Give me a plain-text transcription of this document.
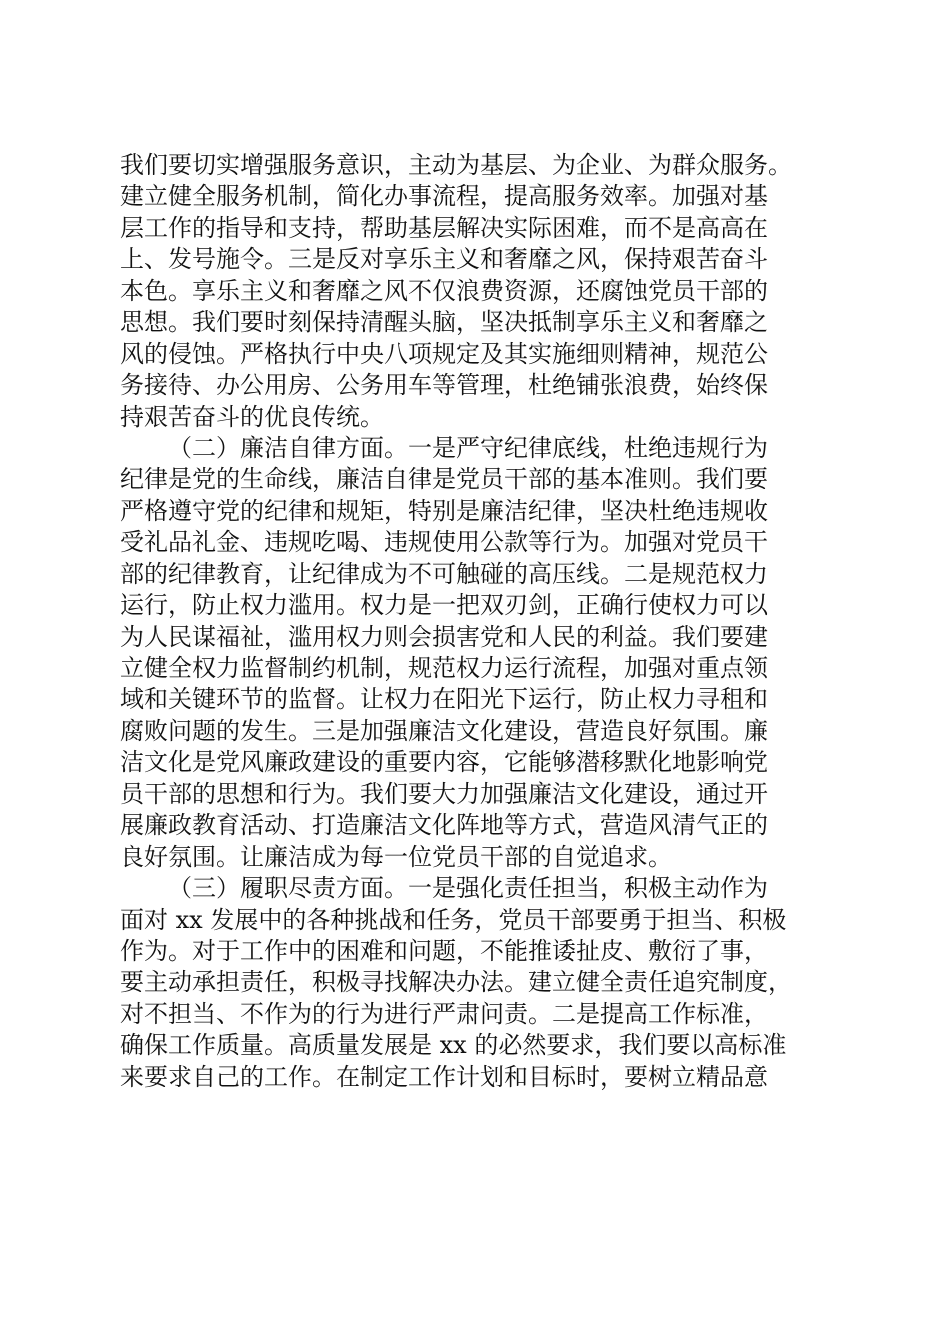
我们要切实增强服务意识，主动为基层、为企业、为群众服务。
建立健全服务机制，简化办事流程，提高服务效率。加强对基
层工作的指导和支持，帮助基层解决实际困难，而不是高高在
上、发号施令。三是反对享乐主义和奢靡之风，保持艰苦奋斗
本色。享乐主义和奢靡之风不仅浪费资源，还腐蚀党员干部的
思想。我们要时刻保持清醒头脑，坚决抵制享乐主义和奢靡之
风的侵蚀。严格执行中央八项规定及其实施细则精神，规范公
务接待、办公用房、公务用车等管理，杜绝铺张浪费，始终保
持艰苦奋斗的优良传统。
（二）廉洁自律方面。一是严守纪律底线，杜绝违规行为
纪律是党的生命线，廉洁自律是党员干部的基本准则。我们要
严格遵守党的纪律和规矩，特别是廉洁纪律，坚决杜绝违规收
受礼品礼金、违规吃喝、违规使用公款等行为。加强对党员干
部的纪律教育，让纪律成为不可触碰的高压线。二是规范权力
运行，防止权力滥用。权力是一把双刃剑，正确行使权力可以
为人民谋福祉，滥用权力则会损害党和人民的利益。我们要建
立健全权力监督制约机制，规范权力运行流程，加强对重点领
域和关键环节的监督。让权力在阳光下运行，防止权力寻租和
腐败问题的发生。三是加强廉洁文化建设，营造良好氛围。廉
洁文化是党风廉政建设的重要内容，它能够潜移默化地影响党
员干部的思想和行为。我们要大力加强廉洁文化建设，通过开
展廉政教育活动、打造廉洁文化阵地等方式，营造风清气正的
良好氛围。让廉洁成为每一位党员干部的自觉追求。
（三）履职尽责方面。一是强化责任担当，积极主动作为
面对 xx 发展中的各种挑战和任务，党员干部要勇于担当、积极
作为。对于工作中的困难和问题，不能推诿扯皮、敷衍了事，
要主动承担责任，积极寻找解决办法。建立健全责任追究制度，
对不担当、不作为的行为进行严肃问责。二是提高工作标准，
确保工作质量。高质量发展是 xx 的必然要求，我们要以高标准
来要求自己的工作。在制定工作计划和目标时，要树立精品意
